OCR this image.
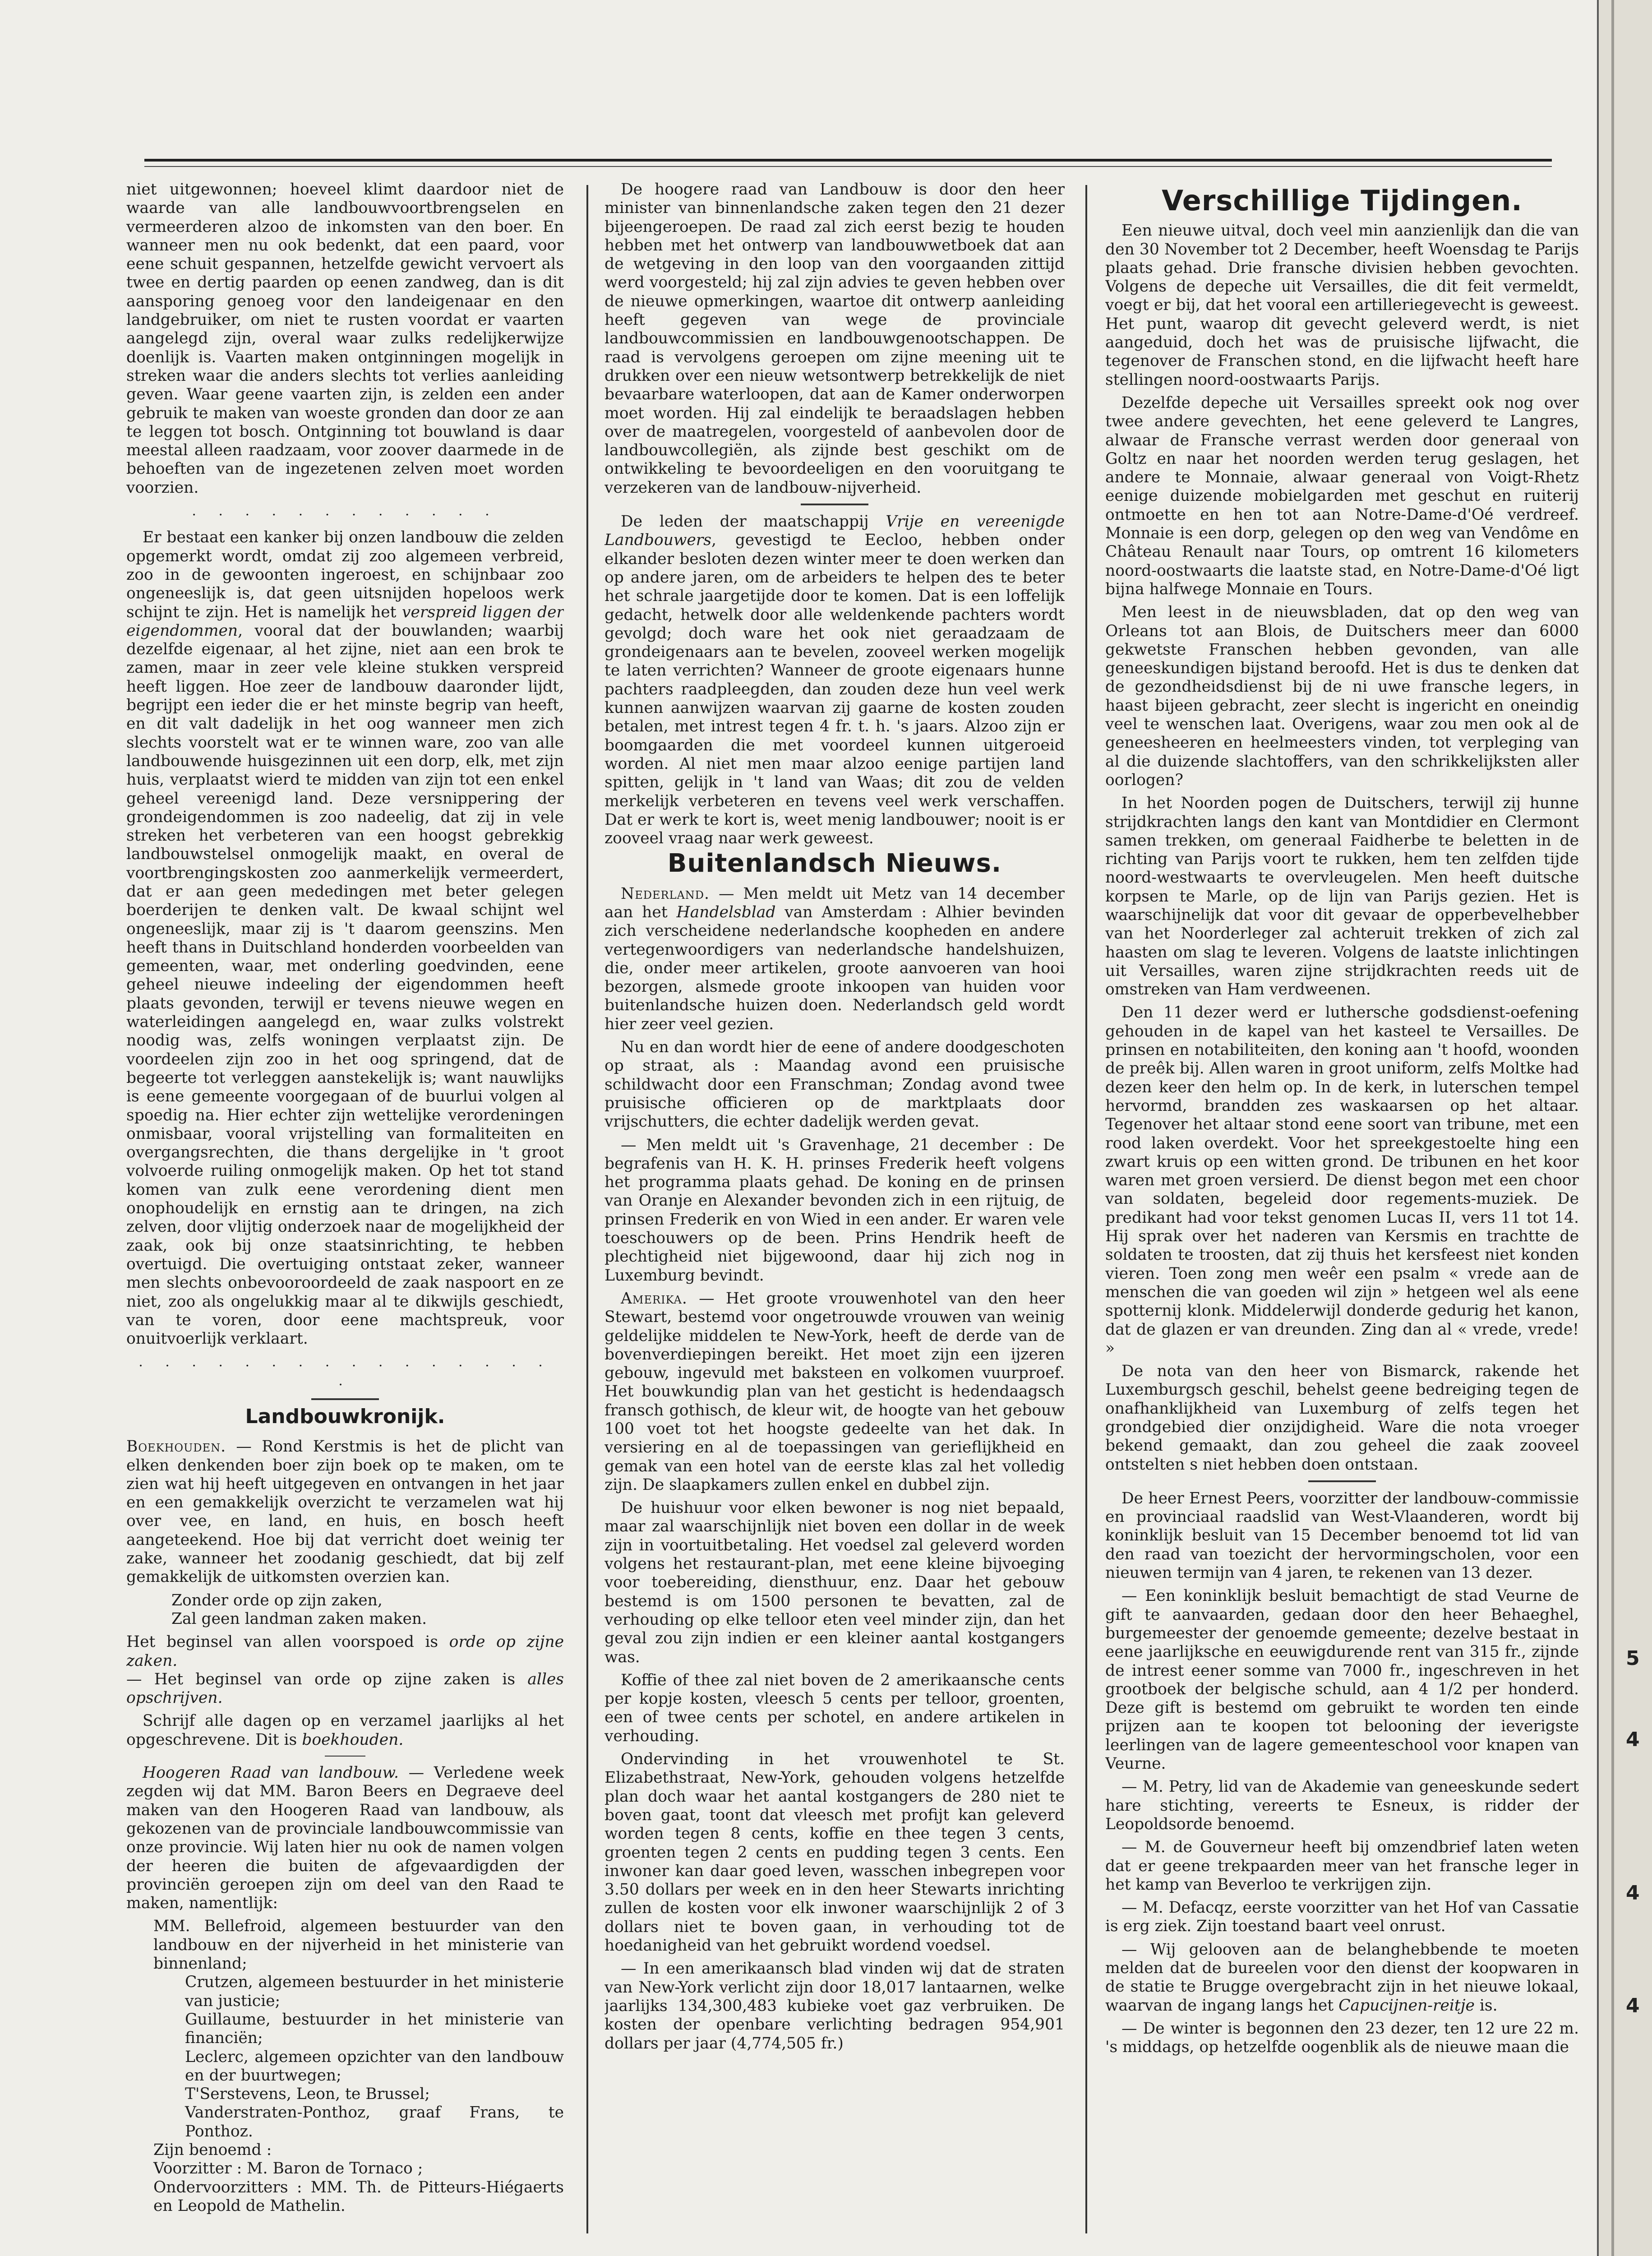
niet uitgewonnen; hoeveel klimt daardoor niet de waarde van alle landbouwvoortbrengselen en vermeerderen alzoo de inkomsten van den boer. En wanneer men nu ook bedenkt, dat een paard, voor eene schuit gespannen, hetzelfde gewicht vervoert als twee en dertig paarden op eenen zandweg, dan is dit aansporing genoeg voor den landeigenaar en den landgebruiker, om niet te rusten voordat er vaarten aangelegd zijn, overal waar zulks redelijkerwijze doenlijk is. Vaarten maken ontginningen mogelijk in streken waar die anders slechts tot verlies aanleiding geven. Waar geene vaarten zijn, is zelden een ander gebruik te maken van woeste gronden dan door ze aan te leggen tot bosch. Ontginning tot bouwland is daar meestal alleen raadzaam, voor zoover daarmede in de behoeften van de ingezetenen zelven moet worden voorzien.

. . . . . . . . . . . .

Er bestaat een kanker bij onzen landbouw die zelden opgemerkt wordt, omdat zij zoo algemeen verbreid, zoo in de gewoonten ingeroest, en schijnbaar zoo ongeneeslijk is, dat geen uitsnijden hopeloos werk schijnt te zijn. Het is namelijk het verspreid liggen der eigendommen, vooral dat der bouwlanden; waarbij dezelfde eigenaar, al het zijne, niet aan een brok te zamen, maar in zeer vele kleine stukken verspreid heeft liggen. Hoe zeer de landbouw daaronder lijdt, begrijpt een ieder die er het minste begrip van heeft, en dit valt dadelijk in het oog wanneer men zich slechts voorstelt wat er te winnen ware, zoo van alle landbouwende huisgezinnen uit een dorp, elk, met zijn huis, verplaatst wierd te midden van zijn tot een enkel geheel vereenigd land. Deze versnippering der grondeigendommen is zoo nadeelig, dat zij in vele streken het verbeteren van een hoogst gebrekkig landbouwstelsel onmogelijk maakt, en overal de voortbrengingskosten zoo aanmerkelijk vermeerdert, dat er aan geen mededingen met beter gelegen boerderijen te denken valt. De kwaal schijnt wel ongeneeslijk, maar zij is 't daarom geenszins. Men heeft thans in Duitschland honderden voorbeelden van gemeenten, waar, met onderling goedvinden, eene geheel nieuwe indeeling der eigendommen heeft plaats gevonden, terwijl er tevens nieuwe wegen en waterleidingen aangelegd en, waar zulks volstrekt noodig was, zelfs woningen verplaatst zijn. De voordeelen zijn zoo in het oog springend, dat de begeerte tot verleggen aanstekelijk is; want nauwlijks is eene gemeente voorgegaan of de buurlui volgen al spoedig na. Hier echter zijn wettelijke verordeningen onmisbaar, vooral vrijstelling van formaliteiten en overgangsrechten, die thans dergelijke in 't groot volvoerde ruiling onmogelijk maken. Op het tot stand komen van zulk eene verordening dient men onophoudelijk en ernstig aan te dringen, na zich zelven, door vlijtig onderzoek naar de mogelijkheid der zaak, ook bij onze staatsinrichting, te hebben overtuigd. Die overtuiging ontstaat zeker, wanneer men slechts onbevooroordeeld de zaak naspoort en ze niet, zoo als ongelukkig maar al te dikwijls geschiedt, van te voren, door eene machtspreuk, voor onuitvoerlijk verklaart.

. . . . . . . . . . . . . . . . .
Landbouwkronijk.

Boekhouden. — Rond Kerstmis is het de plicht van elken denkenden boer zijn boek op te maken, om te zien wat hij heeft uitgegeven en ontvangen in het jaar en een gemakkelijk overzicht te verzamelen wat hij over vee, en land, en huis, en bosch heeft aangeteekend. Hoe bij dat verricht doet weinig ter zake, wanneer het zoodanig geschiedt, dat bij zelf gemakkelijk de uitkomsten overzien kan.

Zonder orde op zijn zaken,

Zal geen landman zaken maken.

Het beginsel van allen voorspoed is orde op zijne zaken.

— Het beginsel van orde op zijne zaken is alles opschrijven.

Schrijf alle dagen op en verzamel jaarlijks al het opgeschrevene. Dit is boekhouden.

Hoogeren Raad van landbouw. — Verledene week zegden wij dat MM. Baron Beers en Degraeve deel maken van den Hoogeren Raad van landbouw, als gekozenen van de provinciale landbouwcommissie van onze provincie. Wij laten hier nu ook de namen volgen der heeren die buiten de afgevaardigden der provinciën geroepen zijn om deel van den Raad te maken, namentlijk:

MM. Bellefroid, algemeen bestuurder van den landbouw en der nijverheid in het ministerie van binnenland;

Crutzen, algemeen bestuurder in het ministerie van justicie;

Guillaume, bestuurder in het ministerie van financiën;

Leclerc, algemeen opzichter van den landbouw en der buurtwegen;

T'Serstevens, Leon, te Brussel;

Vanderstraten-Ponthoz, graaf Frans, te Ponthoz.

Zijn benoemd :

Voorzitter : M. Baron de Tornaco ;

Ondervoorzitters : MM. Th. de Pitteurs-Hiégaerts en Leopold de Mathelin.

De hoogere raad van Landbouw is door den heer minister van binnenlandsche zaken tegen den 21 dezer bijeengeroepen. De raad zal zich eerst bezig te houden hebben met het ontwerp van landbouwwetboek dat aan de wetgeving in den loop van den voorgaanden zittijd werd voorgesteld; hij zal zijn advies te geven hebben over de nieuwe opmerkingen, waartoe dit ontwerp aanleiding heeft gegeven van wege de provinciale landbouwcommissien en landbouwgenootschappen. De raad is vervolgens geroepen om zijne meening uit te drukken over een nieuw wetsontwerp betrekkelijk de niet bevaarbare waterloopen, dat aan de Kamer onderworpen moet worden. Hij zal eindelijk te beraadslagen hebben over de maatregelen, voorgesteld of aanbevolen door de landbouwcollegiën, als zijnde best geschikt om de ontwikkeling te bevoordeeligen en den vooruitgang te verzekeren van de landbouw-nijverheid.

De leden der maatschappij Vrije en vereenigde Landbouwers, gevestigd te Eecloo, hebben onder elkander besloten dezen winter meer te doen werken dan op andere jaren, om de arbeiders te helpen des te beter het schrale jaargetijde door te komen. Dat is een loffelijk gedacht, hetwelk door alle weldenkende pachters wordt gevolgd; doch ware het ook niet geraadzaam de grondeigenaars aan te bevelen, zooveel werken mogelijk te laten verrichten? Wanneer de groote eigenaars hunne pachters raadpleegden, dan zouden deze hun veel werk kunnen aanwijzen waarvan zij gaarne de kosten zouden betalen, met intrest tegen 4 fr. t. h. 's jaars. Alzoo zijn er boomgaarden die met voordeel kunnen uitgeroeid worden. Al niet men maar alzoo eenige partijen land spitten, gelijk in 't land van Waas; dit zou de velden merkelijk verbeteren en tevens veel werk verschaffen. Dat er werk te kort is, weet menig landbouwer; nooit is er zooveel vraag naar werk geweest.

Buitenlandsch Nieuws.

Nederland. — Men meldt uit Metz van 14 december aan het Handelsblad van Amsterdam : Alhier bevinden zich verscheidene nederlandsche koopheden en andere vertegenwoordigers van nederlandsche handelshuizen, die, onder meer artikelen, groote aanvoeren van hooi bezorgen, alsmede groote inkoopen van huiden voor buitenlandsche huizen doen. Nederlandsch geld wordt hier zeer veel gezien.

Nu en dan wordt hier de eene of andere doodgeschoten op straat, als : Maandag avond een pruisische schildwacht door een Franschman; Zondag avond twee pruisische officieren op de marktplaats door vrijschutters, die echter dadelijk werden gevat.

— Men meldt uit 's Gravenhage, 21 december : De begrafenis van H. K. H. prinses Frederik heeft volgens het programma plaats gehad. De koning en de prinsen van Oranje en Alexander bevonden zich in een rijtuig, de prinsen Frederik en von Wied in een ander. Er waren vele toeschouwers op de been. Prins Hendrik heeft de plechtigheid niet bijgewoond, daar hij zich nog in Luxemburg bevindt.

Amerika. — Het groote vrouwenhotel van den heer Stewart, bestemd voor ongetrouwde vrouwen van weinig geldelijke middelen te New-York, heeft de derde van de bovenverdiepingen bereikt. Het moet zijn een ijzeren gebouw, ingevuld met baksteen en volkomen vuurproef. Het bouwkundig plan van het gesticht is hedendaagsch fransch gothisch, de kleur wit, de hoogte van het gebouw 100 voet tot het hoogste gedeelte van het dak. In versiering en al de toepassingen van gerieflijkheid en gemak van een hotel van de eerste klas zal het volledig zijn. De slaapkamers zullen enkel en dubbel zijn.

De huishuur voor elken bewoner is nog niet bepaald, maar zal waarschijnlijk niet boven een dollar in de week zijn in voortuitbetaling. Het voedsel zal geleverd worden volgens het restaurant-plan, met eene kleine bijvoeging voor toebereiding, diensthuur, enz. Daar het gebouw bestemd is om 1500 personen te bevatten, zal de verhouding op elke telloor eten veel minder zijn, dan het geval zou zijn indien er een kleiner aantal kostgangers was.

Koffie of thee zal niet boven de 2 amerikaansche cents per kopje kosten, vleesch 5 cents per telloor, groenten, een of twee cents per schotel, en andere artikelen in verhouding.

Ondervinding in het vrouwenhotel te St. Elizabethstraat, New-York, gehouden volgens hetzelfde plan doch waar het aantal kostgangers de 280 niet te boven gaat, toont dat vleesch met profijt kan geleverd worden tegen 8 cents, koffie en thee tegen 3 cents, groenten tegen 2 cents en pudding tegen 3 cents. Een inwoner kan daar goed leven, wasschen inbegrepen voor 3.50 dollars per week en in den heer Stewarts inrichting zullen de kosten voor elk inwoner waarschijnlijk 2 of 3 dollars niet te boven gaan, in verhouding tot de hoedanigheid van het gebruikt wordend voedsel.

— In een amerikaansch blad vinden wij dat de straten van New-York verlicht zijn door 18,017 lantaarnen, welke jaarlijks 134,300,483 kubieke voet gaz verbruiken. De kosten der openbare verlichting bedragen 954,901 dollars per jaar (4,774,505 fr.)

Verschillige Tijdingen.

Een nieuwe uitval, doch veel min aanzienlijk dan die van den 30 November tot 2 December, heeft Woensdag te Parijs plaats gehad. Drie fransche divisien hebben gevochten. Volgens de depeche uit Versailles, die dit feit vermeldt, voegt er bij, dat het vooral een artilleriegevecht is geweest. Het punt, waarop dit gevecht geleverd werdt, is niet aangeduid, doch het was de pruisische lijfwacht, die tegenover de Franschen stond, en die lijfwacht heeft hare stellingen noord-oostwaarts Parijs.

Dezelfde depeche uit Versailles spreekt ook nog over twee andere gevechten, het eene geleverd te Langres, alwaar de Fransche verrast werden door generaal von Goltz en naar het noorden werden terug geslagen, het andere te Monnaie, alwaar generaal von Voigt-Rhetz eenige duizende mobielgarden met geschut en ruiterij ontmoette en hen tot aan Notre-Dame-d'Oé verdreef. Monnaie is een dorp, gelegen op den weg van Vendôme en Château Renault naar Tours, op omtrent 16 kilometers noord-oostwaarts die laatste stad, en Notre-Dame-d'Oé ligt bijna halfwege Monnaie en Tours.

Men leest in de nieuwsbladen, dat op den weg van Orleans tot aan Blois, de Duitschers meer dan 6000 gekwetste Franschen hebben gevonden, van alle geneeskundigen bijstand beroofd. Het is dus te denken dat de gezondheidsdienst bij de ni uwe fransche legers, in haast bijeen gebracht, zeer slecht is ingericht en oneindig veel te wenschen laat. Overigens, waar zou men ook al de geneesheeren en heelmeesters vinden, tot verpleging van al die duizende slachtoffers, van den schrikkelijksten aller oorlogen?

In het Noorden pogen de Duitschers, terwijl zij hunne strijdkrachten langs den kant van Montdidier en Clermont samen trekken, om generaal Faidherbe te beletten in de richting van Parijs voort te rukken, hem ten zelfden tijde noord-westwaarts te overvleugelen. Men heeft duitsche korpsen te Marle, op de lijn van Parijs gezien. Het is waarschijnelijk dat voor dit gevaar de opperbevelhebber van het Noorderleger zal achteruit trekken of zich zal haasten om slag te leveren. Volgens de laatste inlichtingen uit Versailles, waren zijne strijdkrachten reeds uit de omstreken van Ham verdweenen.

Den 11 dezer werd er luthersche godsdienst-oefening gehouden in de kapel van het kasteel te Versailles. De prinsen en notabiliteiten, den koning aan 't hoofd, woonden de preêk bij. Allen waren in groot uniform, zelfs Moltke had dezen keer den helm op. In de kerk, in luterschen tempel hervormd, brandden zes waskaarsen op het altaar. Tegenover het altaar stond eene soort van tribune, met een rood laken overdekt. Voor het spreekgestoelte hing een zwart kruis op een witten grond. De tribunen en het koor waren met groen versierd. De dienst begon met een choor van soldaten, begeleid door regements-muziek. De predikant had voor tekst genomen Lucas II, vers 11 tot 14. Hij sprak over het naderen van Kersmis en trachtte de soldaten te troosten, dat zij thuis het kersfeest niet konden vieren. Toen zong men weêr een psalm « vrede aan de menschen die van goeden wil zijn » hetgeen wel als eene spotternij klonk. Middelerwijl donderde gedurig het kanon, dat de glazen er van dreunden. Zing dan al « vrede, vrede! »

De nota van den heer von Bismarck, rakende het Luxemburgsch geschil, behelst geene bedreiging tegen de onafhanklijkheid van Luxemburg of zelfs tegen het grondgebied dier onzijdigheid. Ware die nota vroeger bekend gemaakt, dan zou geheel die zaak zooveel ontstelten s niet hebben doen ontstaan.

De heer Ernest Peers, voorzitter der landbouw-commissie en provinciaal raadslid van West-Vlaanderen, wordt bij koninklijk besluit van 15 December benoemd tot lid van den raad van toezicht der hervormingscholen, voor een nieuwen termijn van 4 jaren, te rekenen van 13 dezer.

— Een koninklijk besluit bemachtigt de stad Veurne de gift te aanvaarden, gedaan door den heer Behaeghel, burgemeester der genoemde gemeente; dezelve bestaat in eene jaarlijksche en eeuwigdurende rent van 315 fr., zijnde de intrest eener somme van 7000 fr., ingeschreven in het grootboek der belgische schuld, aan 4 1/2 per honderd. Deze gift is bestemd om gebruikt te worden ten einde prijzen aan te koopen tot belooning der ieverigste leerlingen van de lagere gemeenteschool voor knapen van Veurne.

— M. Petry, lid van de Akademie van geneeskunde sedert hare stichting, vereerts te Esneux, is ridder der Leopoldsorde benoemd.

— M. de Gouverneur heeft bij omzendbrief laten weten dat er geene trekpaarden meer van het fransche leger in het kamp van Beverloo te verkrijgen zijn.

— M. Defacqz, eerste voorzitter van het Hof van Cassatie is erg ziek. Zijn toestand baart veel onrust.

— Wij gelooven aan de belanghebbende te moeten melden dat de bureelen voor den dienst der koopwaren in de statie te Brugge overgebracht zijn in het nieuwe lokaal, waarvan de ingang langs het Capucijnen-reitje is.

— De winter is begonnen den 23 dezer, ten 12 ure 22 m. 's middags, op hetzelfde oogenblik als de nieuwe maan die

5
4
4
4
